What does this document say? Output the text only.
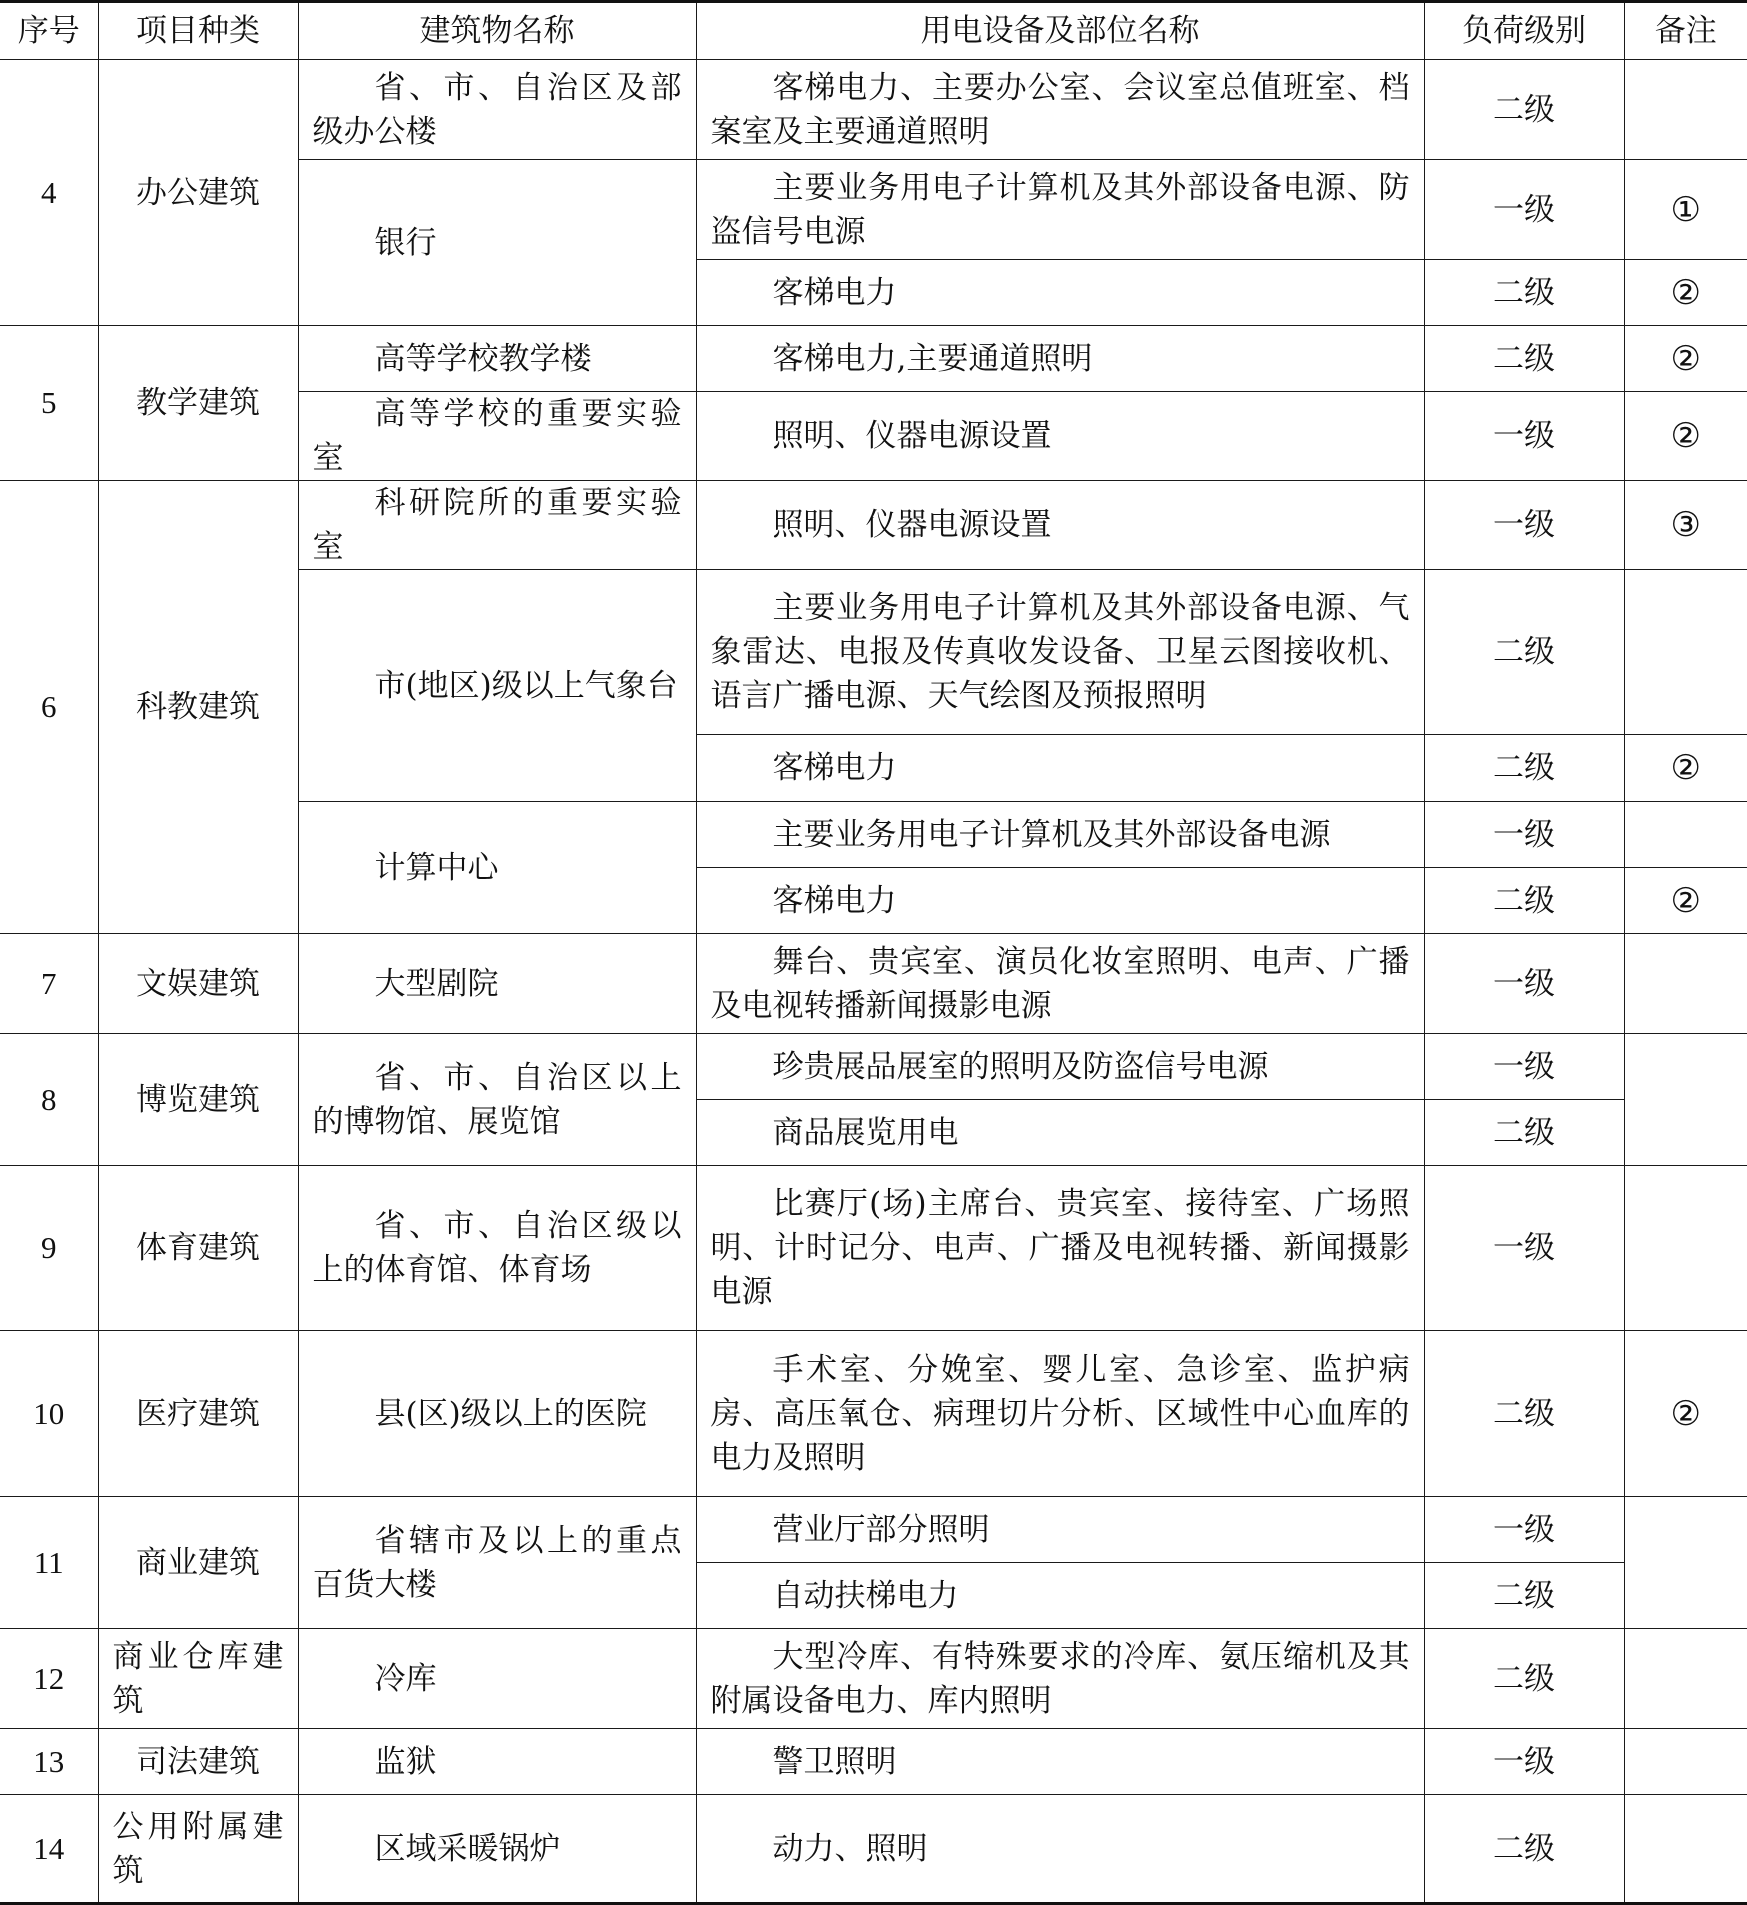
序号	项目种类	建筑物名称	用电设备及部位名称	负荷级别	备注
4	办公建筑	省、市、自治区及部级办公楼	客梯电力、主要办公室、会议室总值班室、档案室及主要通道照明	二级	
		银行	主要业务用电子计算机及其外部设备电源、防盗信号电源	一级	①
			客梯电力	二级	②
5	教学建筑	高等学校教学楼	客梯电力,主要通道照明	二级	②
		高等学校的重要实验室	照明、仪器电源设置	一级	②
6	科教建筑	科研院所的重要实验室	照明、仪器电源设置	一级	③
		市(地区)级以上气象台	主要业务用电子计算机及其外部设备电源、气象雷达、电报及传真收发设备、卫星云图接收机、语言广播电源、天气绘图及预报照明	二级	
			客梯电力	二级	②
		计算中心	主要业务用电子计算机及其外部设备电源	一级	
			客梯电力	二级	②
7	文娱建筑	大型剧院	舞台、贵宾室、演员化妆室照明、电声、广播及电视转播新闻摄影电源	一级	
8	博览建筑	省、市、自治区以上的博物馆、展览馆	珍贵展品展室的照明及防盗信号电源	一级	
			商品展览用电	二级	
9	体育建筑	省、市、自治区级以上的体育馆、体育场	比赛厅(场)主席台、贵宾室、接待室、广场照明、计时记分、电声、广播及电视转播、新闻摄影电源	一级	
10	医疗建筑	县(区)级以上的医院	手术室、分娩室、婴儿室、急诊室、监护病房、高压氧仓、病理切片分析、区域性中心血库的电力及照明	二级	②
11	商业建筑	省辖市及以上的重点百货大楼	营业厅部分照明	一级	
			自动扶梯电力	二级	
12	商业仓库建筑	冷库	大型冷库、有特殊要求的冷库、氨压缩机及其附属设备电力、库内照明	二级	
13	司法建筑	监狱	警卫照明	一级	
14	公用附属建筑	区域采暖锅炉	动力、照明	二级	
